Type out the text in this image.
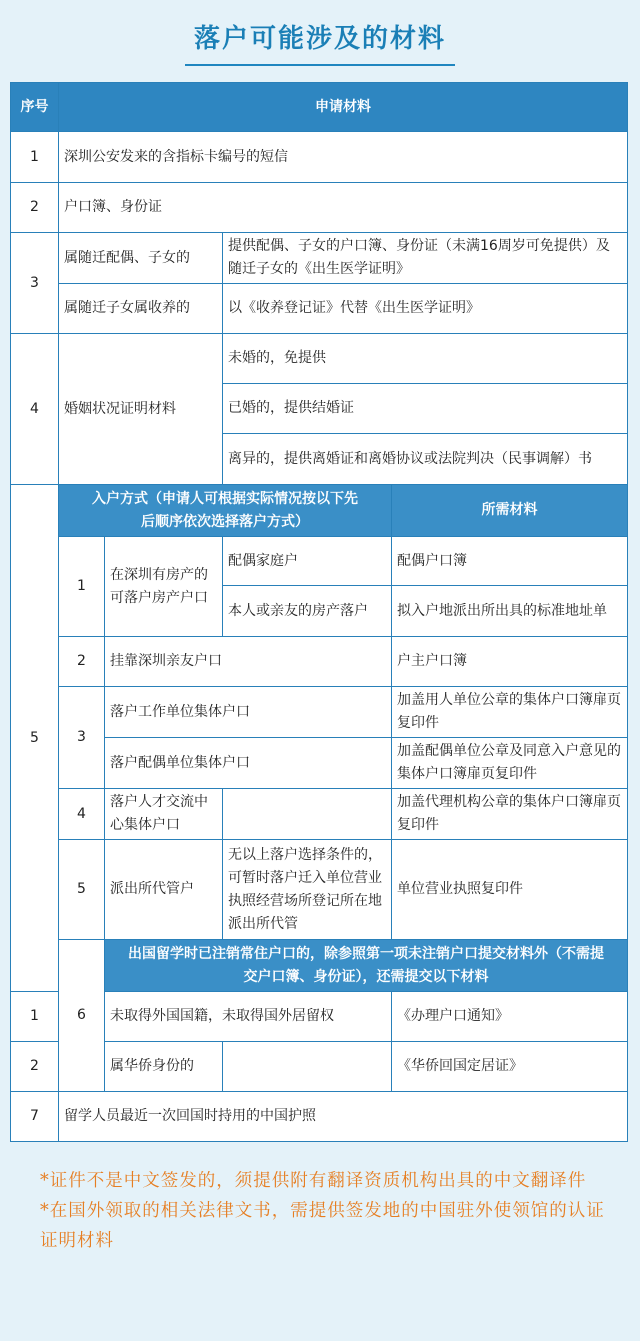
落户可能涉及的材料
序号	申请材料			
1	深圳公安发来的含指标卡编号的短信			
2	户口簿、身份证			
3	属随迁配偶、子女的		提供配偶、子女的户口簿、身份证（未满16周岁可免提供）及随迁子女的《出生医学证明》	
	属随迁子女属收养的		以《收养登记证》代替《出生医学证明》	
4	婚姻状况证明材料		未婚的，免提供	
			已婚的，提供结婚证	
			离异的，提供离婚证和离婚协议或法院判决（民事调解）书	
5	入户方式（申请人可根据实际情况按以下先后顺序依次选择落户方式）			所需材料
	1	在深圳有房产的可落户房产户口	配偶家庭户	配偶户口簿
			本人或亲友的房产落户	拟入户地派出所出具的标准地址单
	2	挂靠深圳亲友户口		户主户口簿
	3	落户工作单位集体户口		加盖用人单位公章的集体户口簿扉页复印件
		落户配偶单位集体户口		加盖配偶单位公章及同意入户意见的集体户口簿扉页复印件
	4	落户人才交流中心集体户口		加盖代理机构公章的集体户口簿扉页复印件
	5	派出所代管户	无以上落户选择条件的，可暂时落户迁入单位营业执照经营场所登记所在地派出所代管	单位营业执照复印件
	6	出国留学时已注销常住户口的，除参照第一项未注销户口提交材料外（不需提交户口簿、身份证），还需提交以下材料		
1		未取得外国国籍，未取得国外居留权		《办理户口通知》
2		属华侨身份的		《华侨回国定居证》
7	留学人员最近一次回国时持用的中国护照			

*证件不是中文签发的，须提供附有翻译资质机构出具的中文翻译件

*在国外领取的相关法律文书，需提供签发地的中国驻外使领馆的认证证明材料
